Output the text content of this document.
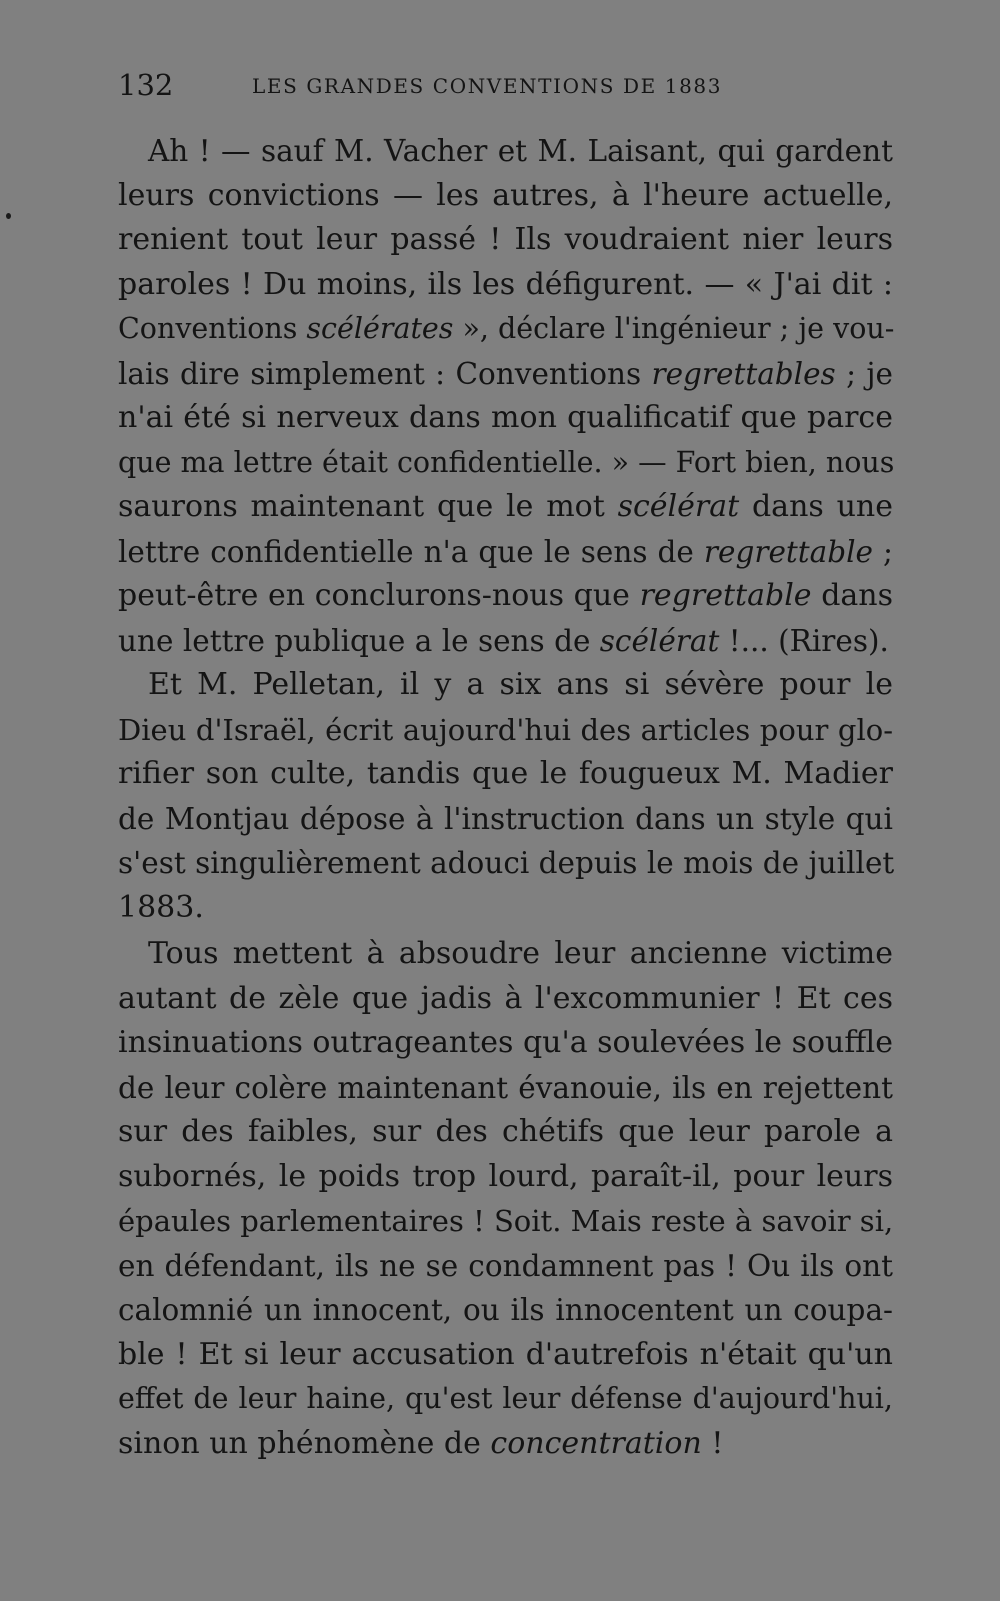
132	LES GRANDES CONVENTIONS DE 1883
Ah ! — sauf M. Vacher et M. Laisant, qui gardent
leurs convictions — les autres, à l'heure actuelle,
renient tout leur passé ! Ils voudraient nier leurs
paroles ! Du moins, ils les défigurent. — « J'ai dit :
Conventions scélérates », déclare l'ingénieur ; je vou-
lais dire simplement : Conventions regrettables ; je
n'ai été si nerveux dans mon qualificatif que parce
que ma lettre était confidentielle. » — Fort bien, nous
saurons maintenant que le mot scélérat dans une
lettre confidentielle n'a que le sens de regrettable ;
peut-être en conclurons-nous que regrettable dans
une lettre publique a le sens de scélérat !... (Rires).
Et M. Pelletan, il y a six ans si sévère pour le
Dieu d'Israël, écrit aujourd'hui des articles pour glo-
rifier son culte, tandis que le fougueux M. Madier
de Montjau dépose à l'instruction dans un style qui
s'est singulièrement adouci depuis le mois de juillet
1883.
Tous mettent à absoudre leur ancienne victime
autant de zèle que jadis à l'excommunier ! Et ces
insinuations outrageantes qu'a soulevées le souffle
de leur colère maintenant évanouie, ils en rejettent
sur des faibles, sur des chétifs que leur parole a
subornés, le poids trop lourd, paraît-il, pour leurs
épaules parlementaires ! Soit. Mais reste à savoir si,
en défendant, ils ne se condamnent pas ! Ou ils ont
calomnié un innocent, ou ils innocentent un coupa-
ble ! Et si leur accusation d'autrefois n'était qu'un
effet de leur haine, qu'est leur défense d'aujourd'hui,
sinon un phénomène de concentration !
